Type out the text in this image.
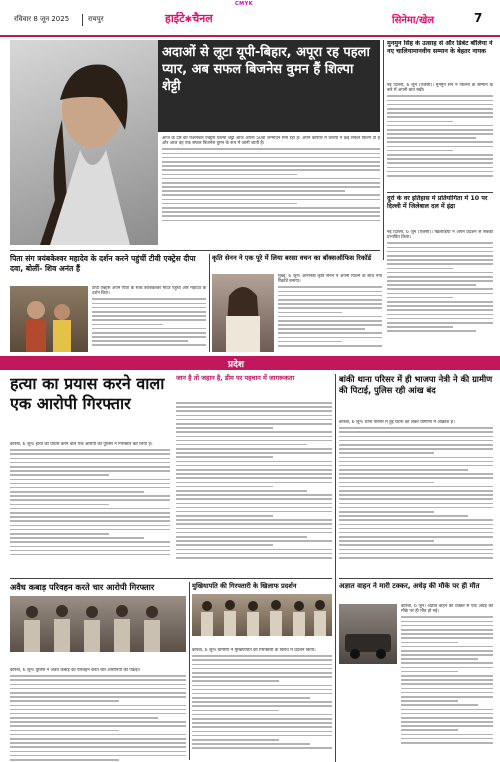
CMYK
रविवार 8 जून 2025	रायपुर	हाईटे✱चैनल	सिनेमा/खेल	7
अदाओं से लूटा यूपी-बिहार, अपूरा रह पहला प्यार, अब सफल बिजनेस वुमन हैं शिल्पा शेट्टी
आज के दौर की फैशनेबल एक्ट्रेस शिल्पा शेट्टी आज अपना 50वां जन्मदिन मना रही हैं। अपने करियर में शिल्पा ने कई सफल फिल्में दी हैं और आज वह एक सफल बिजनेस वुमन के रूप में जानी जाती हैं।
मुनमुन सिंह के उत्साह से और डिबेट बॉलिया ने नए चालियामानवीय सम्मान के बेहतर नायक
नई दिल्ली, 6 जून (एजेंसी)। मुनमुन सेन ने फिल्मों के सम्मान के बारे में अपनी बात रखी।
दूर्रा के वर इतिहास में प्रतियोगिता में 10 पर दिल्ली में जिलेबाल दल में इंद्रा
नई दिल्ली, 6 जून (एजेंसी)। खिलाड़ियों ने अपने प्रदर्शन से सबको प्रभावित किया।
पिता संग त्रयंबकेश्वर महादेव के दर्शन करने पहुंचीं टीवी एक्ट्रेस दीपा दवा, बोलीं- शिव अनंत हैं
टीवी एक्ट्रेस अपने पिता के साथ त्रयंबकेश्वर मंदिर पहुंचीं और महादेव के दर्शन किए।
कृति सेनन ने एक पूरे में लिया बरसा वचन का बॉक्सऑफिस रिकॉर्ड
मुंबई, 6 जून। अभिनेत्री कृति सेनन ने अपनी फिल्म के साथ नया रिकॉर्ड बनाया।
प्रदेश
हत्या का प्रयास करने वाला एक आरोपी गिरफ्तार
कोरबा, 6 जून। हत्या का प्रयास करने वाले एक आरोपी को पुलिस ने गिरफ्तार कर लिया है।
जान है तो जहान है, डीम पर पहचान में जागरूकता	बांकी थाना परिसर में ही भाजपा नेत्री ने की ग्रामीण की पिटाई, पुलिस रही आंख बंद
कोरबा, 6 जून। थाना परिसर में हुई घटना को लेकर ग्रामीणों में आक्रोश है।
अवैध कबाड़ परिवहन करते चार आरोपी गिरफ्तार
कोरबा, 6 जून। पुलिस ने अवैध कबाड़ का परिवहन करते चार आरोपियों को पकड़ा।
मुखियापति की गिरफ्तारी के खिलाफ प्रदर्शन
कोरबा, 6 जून। ग्रामीणों ने मुखियापति की गिरफ्तारी के विरोध में प्रदर्शन किया।
अज्ञात वाहन ने मारी टक्कर, अधेड़ की मौके पर ही मौत
कोरबा, 6 जून। अज्ञात वाहन की टक्कर से एक अधेड़ की मौके पर ही मौत हो गई।
